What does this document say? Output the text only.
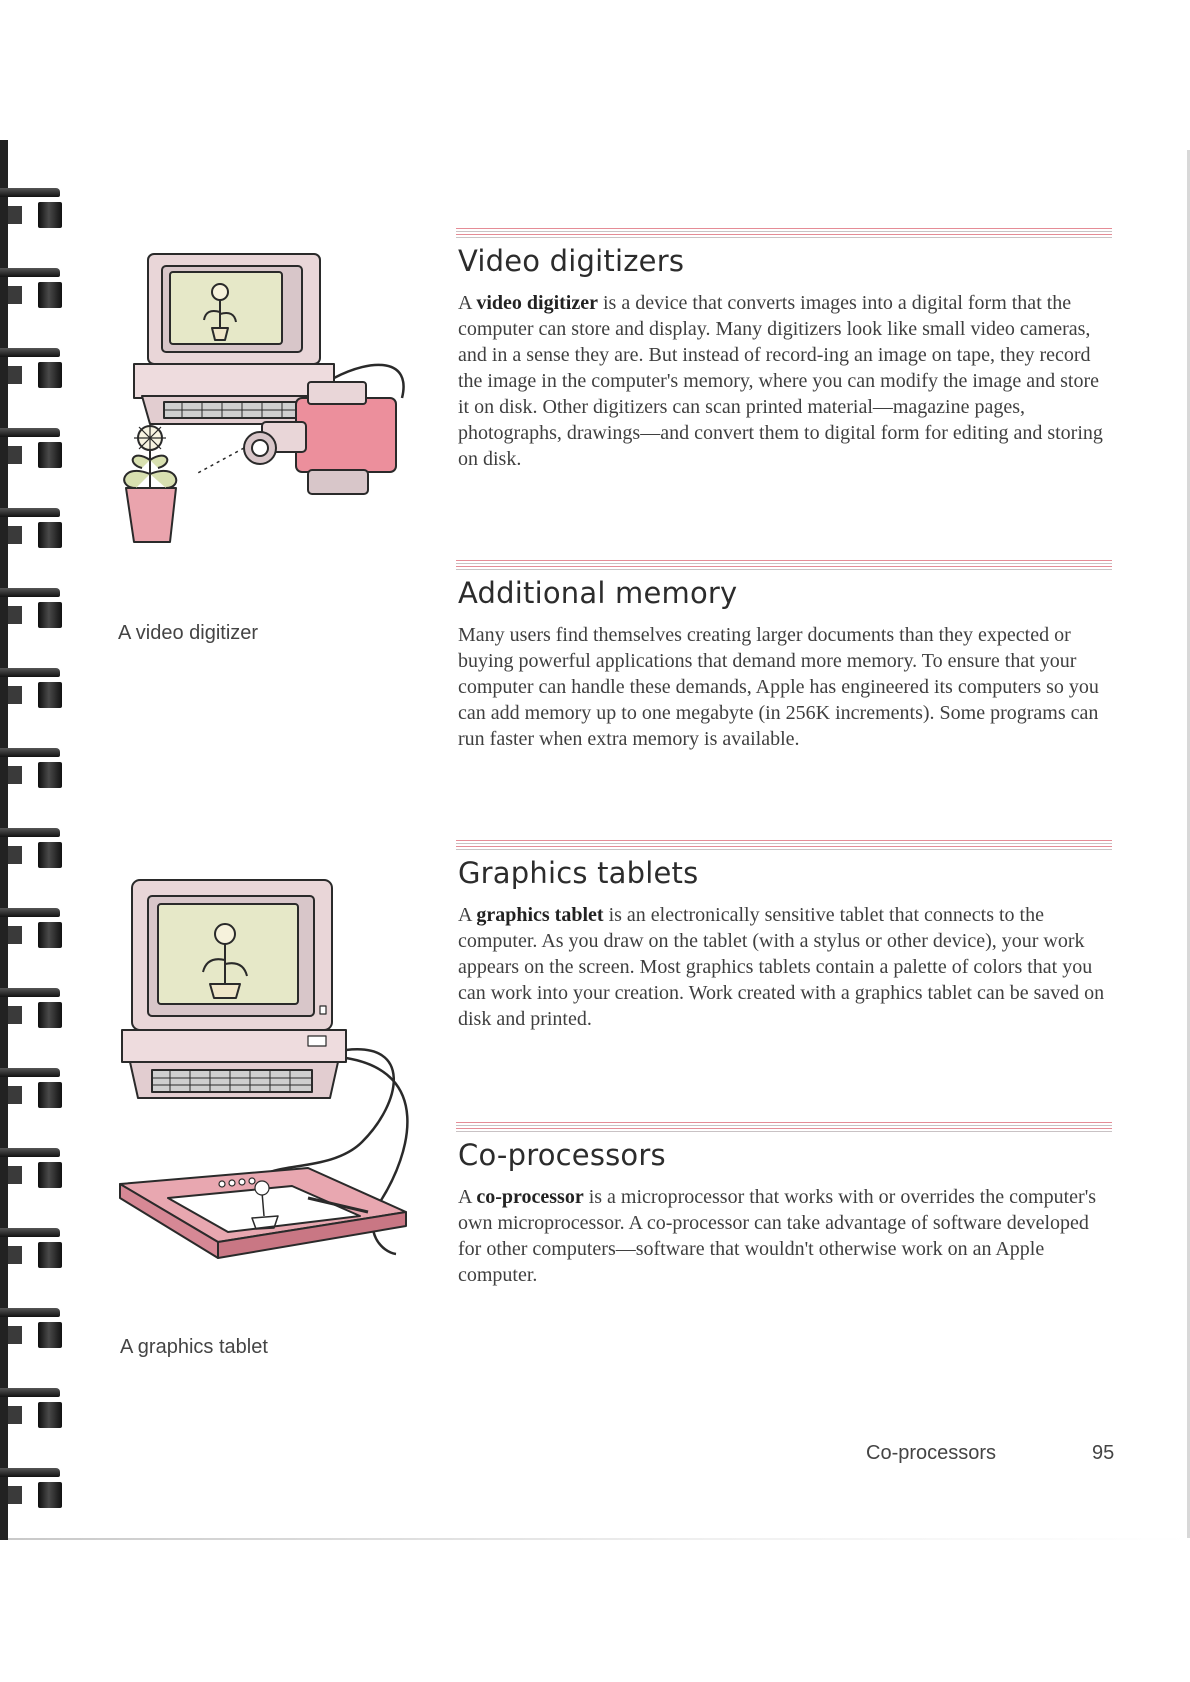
A video digitizer
A graphics tablet
Video digitizers

A video digitizer is a device that converts images into a digital form that the computer can store and display. Many digitizers look like small video cameras, and in a sense they are. But instead of record-ing an image on tape, they record the image in the computer's memory, where you can modify the image and store it on disk. Other digitizers can scan printed material—magazine pages, photographs, drawings—and convert them to digital form for editing and storing on disk.

Additional memory

Many users find themselves creating larger documents than they expected or buying powerful applications that demand more memory. To ensure that your computer can handle these demands, Apple has engineered its computers so you can add memory up to one megabyte (in 256K increments). Some programs can run faster when extra memory is available.

Graphics tablets

A graphics tablet is an electronically sensitive tablet that connects to the computer. As you draw on the tablet (with a stylus or other device), your work appears on the screen. Most graphics tablets contain a palette of colors that you can work into your creation. Work created with a graphics tablet can be saved on disk and printed.

Co-processors

A co-processor is a microprocessor that works with or overrides the computer's own microprocessor. A co-processor can take advantage of software developed for other computers—software that wouldn't otherwise work on an Apple computer.

Co-processors	95
